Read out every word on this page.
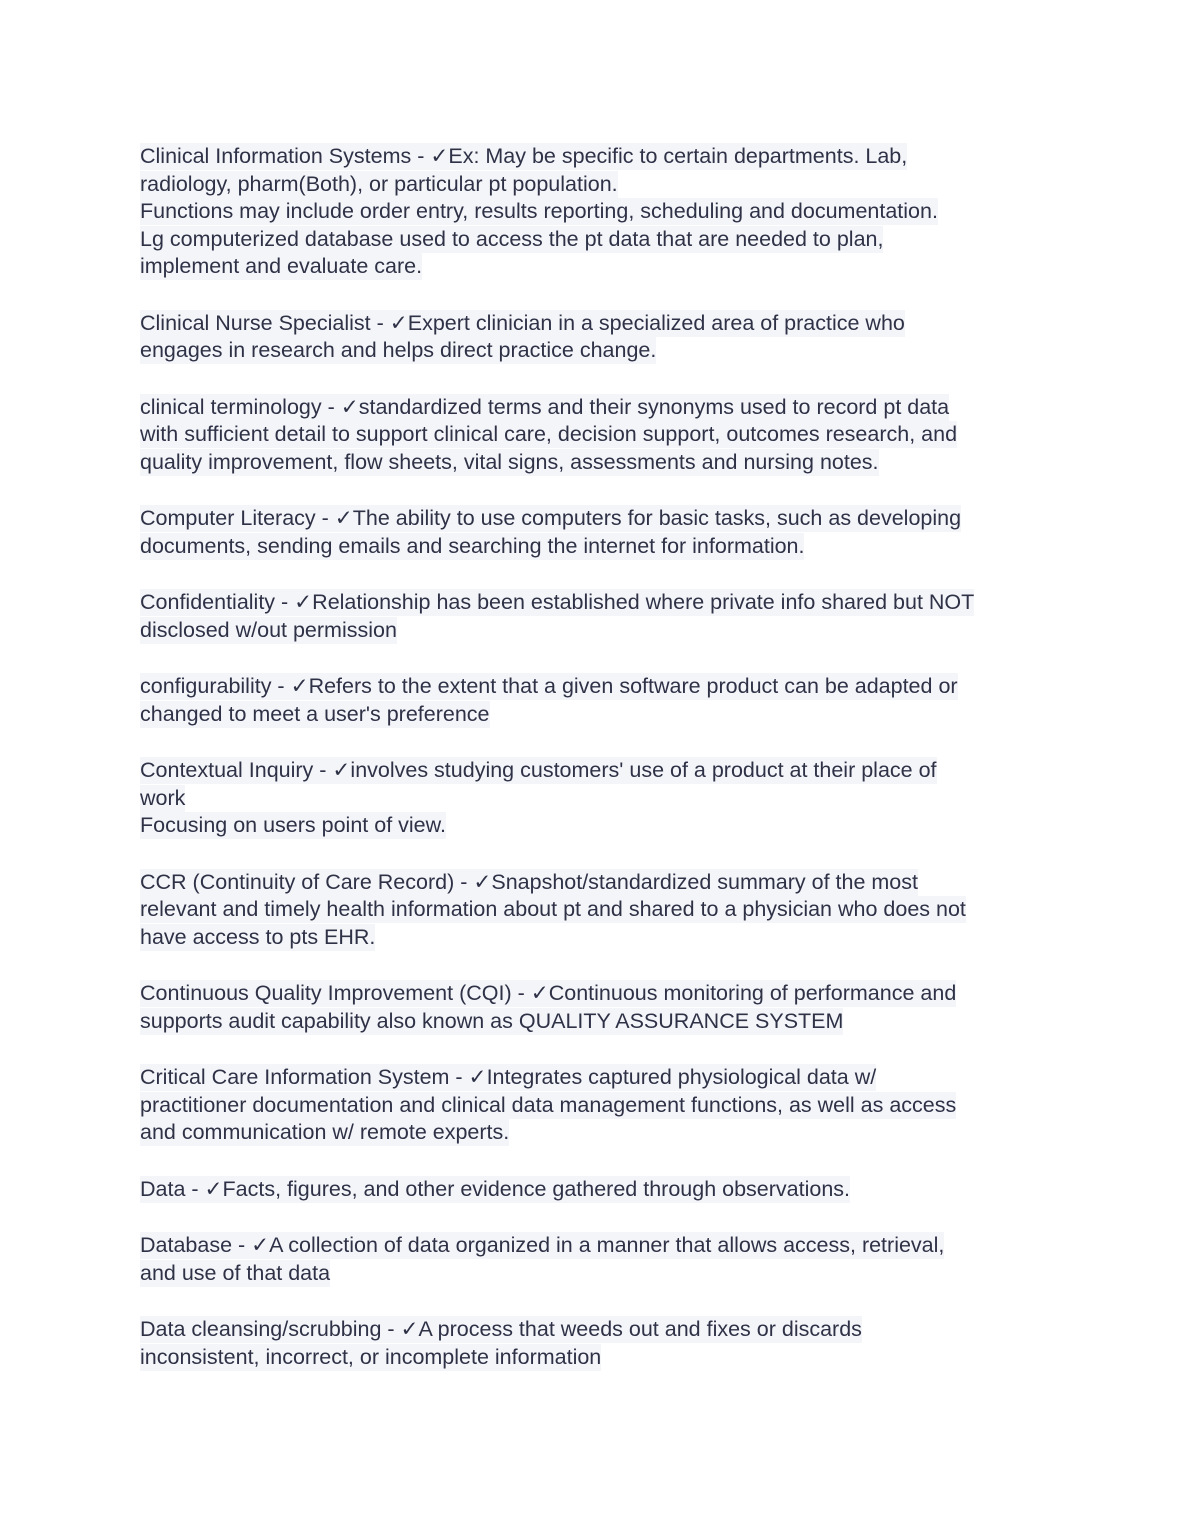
Clinical Information Systems - ✓Ex: May be specific to certain departments. Lab,
radiology, pharm(Both), or particular pt population.
Functions may include order entry, results reporting, scheduling and documentation.
Lg computerized database used to access the pt data that are needed to plan,
implement and evaluate care.
Clinical Nurse Specialist - ✓Expert clinician in a specialized area of practice who
engages in research and helps direct practice change.
clinical terminology - ✓standardized terms and their synonyms used to record pt data
with sufficient detail to support clinical care, decision support, outcomes research, and
quality improvement, flow sheets, vital signs, assessments and nursing notes.
Computer Literacy - ✓The ability to use computers for basic tasks, such as developing
documents, sending emails and searching the internet for information.
Confidentiality - ✓Relationship has been established where private info shared but NOT
disclosed w/out permission
configurability - ✓Refers to the extent that a given software product can be adapted or
changed to meet a user's preference
Contextual Inquiry - ✓involves studying customers' use of a product at their place of
work
Focusing on users point of view.
CCR (Continuity of Care Record) - ✓Snapshot/standardized summary of the most
relevant and timely health information about pt and shared to a physician who does not
have access to pts EHR.
Continuous Quality Improvement (CQI) - ✓Continuous monitoring of performance and
supports audit capability also known as QUALITY ASSURANCE SYSTEM
Critical Care Information System - ✓Integrates captured physiological data w/
practitioner documentation and clinical data management functions, as well as access
and communication w/ remote experts.
Data - ✓Facts, figures, and other evidence gathered through observations.
Database - ✓A collection of data organized in a manner that allows access, retrieval,
and use of that data
Data cleansing/scrubbing - ✓A process that weeds out and fixes or discards
inconsistent, incorrect, or incomplete information
